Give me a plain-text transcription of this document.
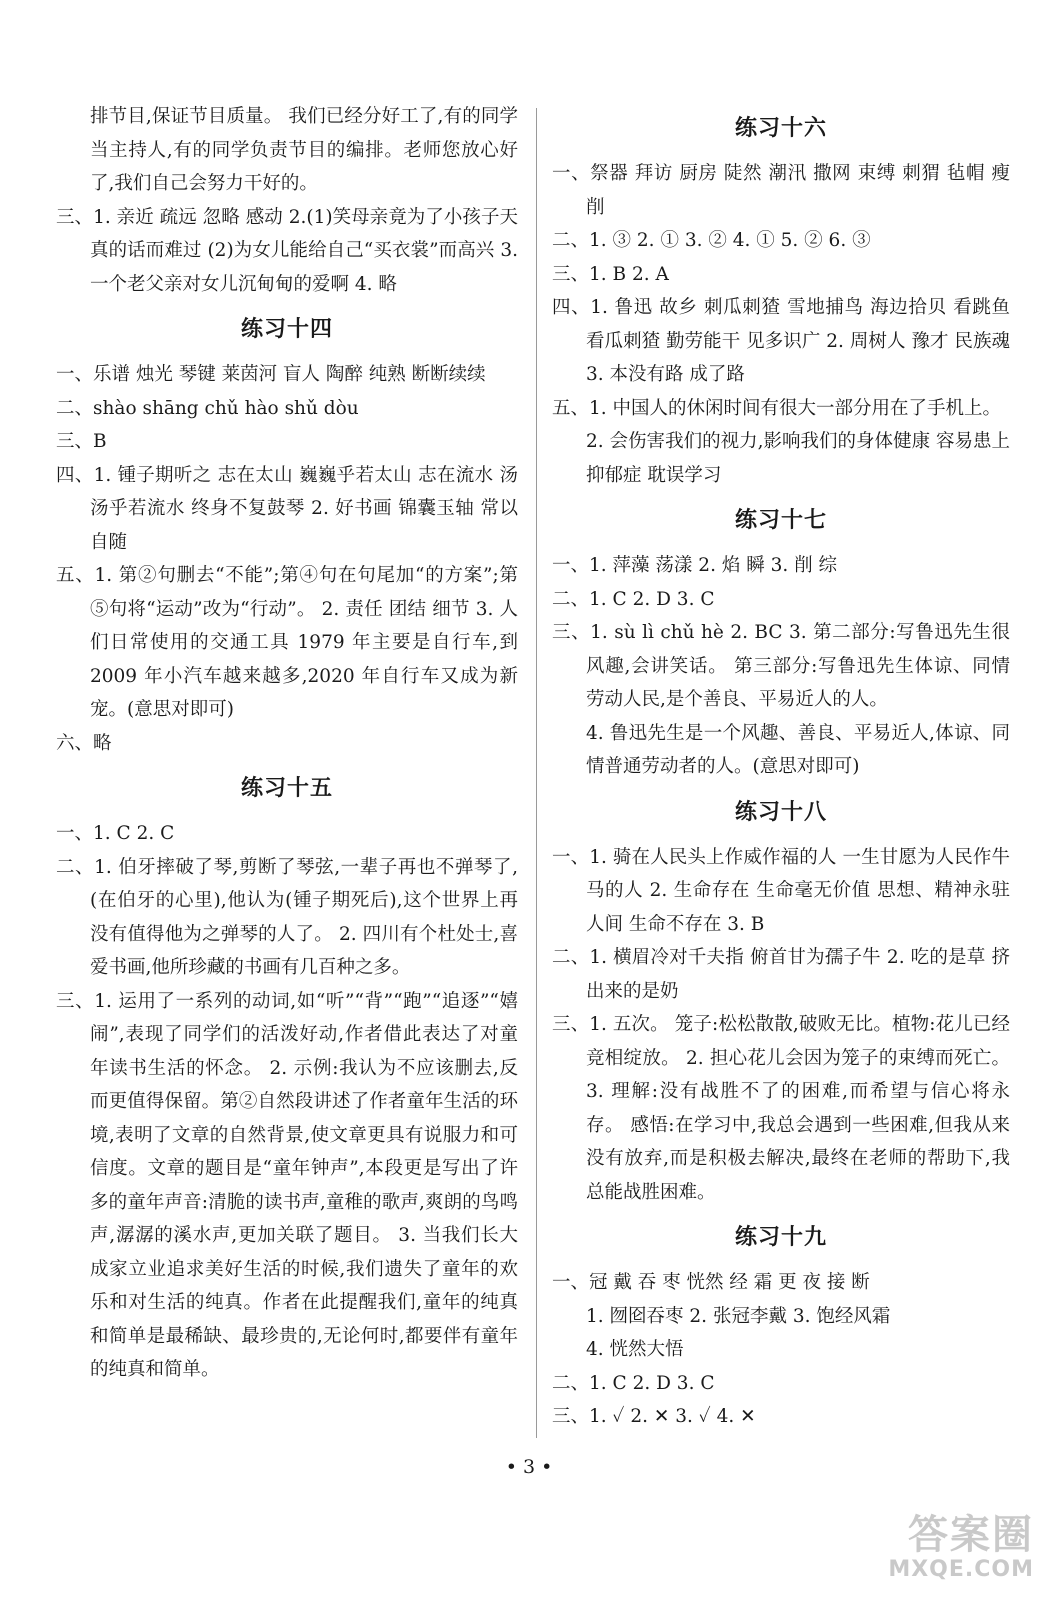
排节目,保证节目质量。 我们已经分好工了,有的同学当主持人,有的同学负责节目的编排。老师您放心好了,我们自己会努力干好的。

三、1. 亲近 疏远 忽略 感动 2.(1)笑母亲竟为了小孩子天真的话而难过 (2)为女儿能给自己“买衣裳”而高兴 3. 一个老父亲对女儿沉甸甸的爱啊 4. 略

练习十四

一、乐谱 烛光 琴键 莱茵河 盲人 陶醉 纯熟 断断续续

二、shào shāng chǔ hào shǔ dòu

三、B

四、1. 锺子期听之 志在太山 巍巍乎若太山 志在流水 汤汤乎若流水 终身不复鼓琴 2. 好书画 锦囊玉轴 常以自随

五、1. 第②句删去“不能”;第④句在句尾加“的方案”;第⑤句将“运动”改为“行动”。 2. 责任 团结 细节 3. 人们日常使用的交通工具 1979 年主要是自行车,到 2009 年小汽车越来越多,2020 年自行车又成为新宠。(意思对即可)

六、略

练习十五

一、1. C 2. C

二、1. 伯牙摔破了琴,剪断了琴弦,一辈子再也不弹琴了,(在伯牙的心里),他认为(锺子期死后),这个世界上再没有值得他为之弹琴的人了。 2. 四川有个杜处士,喜爱书画,他所珍藏的书画有几百种之多。

三、1. 运用了一系列的动词,如“听”“背”“跑”“追逐”“嬉闹”,表现了同学们的活泼好动,作者借此表达了对童年读书生活的怀念。 2. 示例:我认为不应该删去,反而更值得保留。第②自然段讲述了作者童年生活的环境,表明了文章的自然背景,使文章更具有说服力和可信度。文章的题目是“童年钟声”,本段更是写出了许多的童年声音:清脆的读书声,童稚的歌声,爽朗的鸟鸣声,潺潺的溪水声,更加关联了题目。 3. 当我们长大成家立业追求美好生活的时候,我们遗失了童年的欢乐和对生活的纯真。作者在此提醒我们,童年的纯真和简单是最稀缺、最珍贵的,无论何时,都要伴有童年的纯真和简单。

练习十六

一、祭器 拜访 厨房 陡然 潮汛 撒网 束缚 刺猬 毡帽 瘦削

二、1. ③ 2. ① 3. ② 4. ① 5. ② 6. ③

三、1. B 2. A

四、1. 鲁迅 故乡 刺瓜刺猹 雪地捕鸟 海边拾贝 看跳鱼 看瓜刺猹 勤劳能干 见多识广 2. 周树人 豫才 民族魂 3. 本没有路 成了路

五、1. 中国人的休闲时间有很大一部分用在了手机上。

2. 会伤害我们的视力,影响我们的身体健康 容易患上抑郁症 耽误学习

练习十七

一、1. 萍藻 荡漾 2. 焰 瞬 3. 削 综

二、1. C 2. D 3. C

三、1. sù lì chǔ hè 2. BC 3. 第二部分:写鲁迅先生很风趣,会讲笑话。 第三部分:写鲁迅先生体谅、同情劳动人民,是个善良、平易近人的人。

4. 鲁迅先生是一个风趣、善良、平易近人,体谅、同情普通劳动者的人。(意思对即可)

练习十八

一、1. 骑在人民头上作威作福的人 一生甘愿为人民作牛马的人 2. 生命存在 生命毫无价值 思想、精神永驻人间 生命不存在 3. B

二、1. 横眉冷对千夫指 俯首甘为孺子牛 2. 吃的是草 挤出来的是奶

三、1. 五次。 笼子:松松散散,破败无比。植物:花儿已经竞相绽放。 2. 担心花儿会因为笼子的束缚而死亡。 3. 理解:没有战胜不了的困难,而希望与信心将永存。 感悟:在学习中,我总会遇到一些困难,但我从来没有放弃,而是积极去解决,最终在老师的帮助下,我总能战胜困难。

练习十九

一、冠 戴 吞 枣 恍然 经 霜 更 夜 接 断

1. 囫囵吞枣 2. 张冠李戴 3. 饱经风霜

4. 恍然大悟

二、1. C 2. D 3. C

三、1. ✓ 2. ✕ 3. ✓ 4. ✕

• 3 •
答案圈
MXQE.COM
